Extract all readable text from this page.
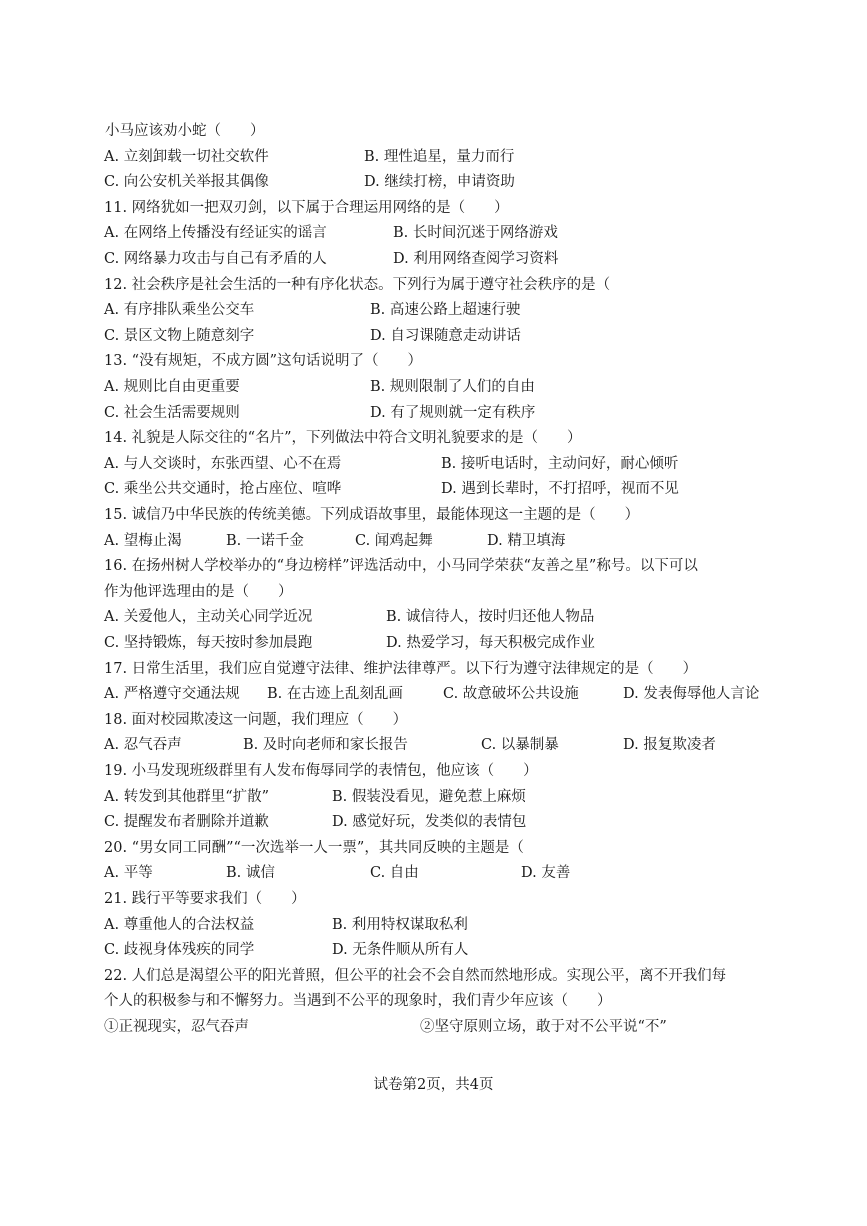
小马应该劝小蛇（　　）
A. 立刻卸载一切社交软件	B. 理性追星，量力而行
C. 向公安机关举报其偶像	D. 继续打榜，申请资助
11. 网络犹如一把双刃剑，以下属于合理运用网络的是（　　）
A. 在网络上传播没有经证实的谣言	B. 长时间沉迷于网络游戏
C. 网络暴力攻击与自己有矛盾的人	D. 利用网络查阅学习资料
12. 社会秩序是社会生活的一种有序化状态。下列行为属于遵守社会秩序的是（
A. 有序排队乘坐公交车	B. 高速公路上超速行驶
C. 景区文物上随意刻字	D. 自习课随意走动讲话
13. “没有规矩，不成方圆”这句话说明了（　　）
A. 规则比自由更重要	B. 规则限制了人们的自由
C. 社会生活需要规则	D. 有了规则就一定有秩序
14. 礼貌是人际交往的“名片”，下列做法中符合文明礼貌要求的是（　　）
A. 与人交谈时，东张西望、心不在焉	B. 接听电话时，主动问好，耐心倾听
C. 乘坐公共交通时，抢占座位、喧哗	D. 遇到长辈时，不打招呼，视而不见
15. 诚信乃中华民族的传统美德。下列成语故事里，最能体现这一主题的是（　　）
A. 望梅止渴	B. 一诺千金	C. 闻鸡起舞	D. 精卫填海
16. 在扬州树人学校举办的“身边榜样”评选活动中，小马同学荣获“友善之星”称号。以下可以
作为他评选理由的是（　　）
A. 关爱他人，主动关心同学近况	B. 诚信待人，按时归还他人物品
C. 坚持锻炼，每天按时参加晨跑	D. 热爱学习，每天积极完成作业
17. 日常生活里，我们应自觉遵守法律、维护法律尊严。以下行为遵守法律规定的是（　　）
A. 严格遵守交通法规 B. 在古迹上乱刻乱画	C. 故意破坏公共设施	D. 发表侮辱他人言论
18. 面对校园欺凌这一问题，我们理应（　　）
A. 忍气吞声	B. 及时向老师和家长报告	C. 以暴制暴	D. 报复欺凌者
19. 小马发现班级群里有人发布侮辱同学的表情包，他应该（　　）
A. 转发到其他群里“扩散”	B. 假装没看见，避免惹上麻烦
C. 提醒发布者删除并道歉	D. 感觉好玩，发类似的表情包
20. “男女同工同酬”“一次选举一人一票”，其共同反映的主题是（
A. 平等	B. 诚信	C. 自由	D. 友善
21. 践行平等要求我们（　　）
A. 尊重他人的合法权益	B. 利用特权谋取私利
C. 歧视身体残疾的同学	D. 无条件顺从所有人
22. 人们总是渴望公平的阳光普照，但公平的社会不会自然而然地形成。实现公平，离不开我们每
个人的积极参与和不懈努力。当遇到不公平的现象时，我们青少年应该（　　）
①正视现实，忍气吞声	②坚守原则立场，敢于对不公平说“不”
试卷第2页，共4页
